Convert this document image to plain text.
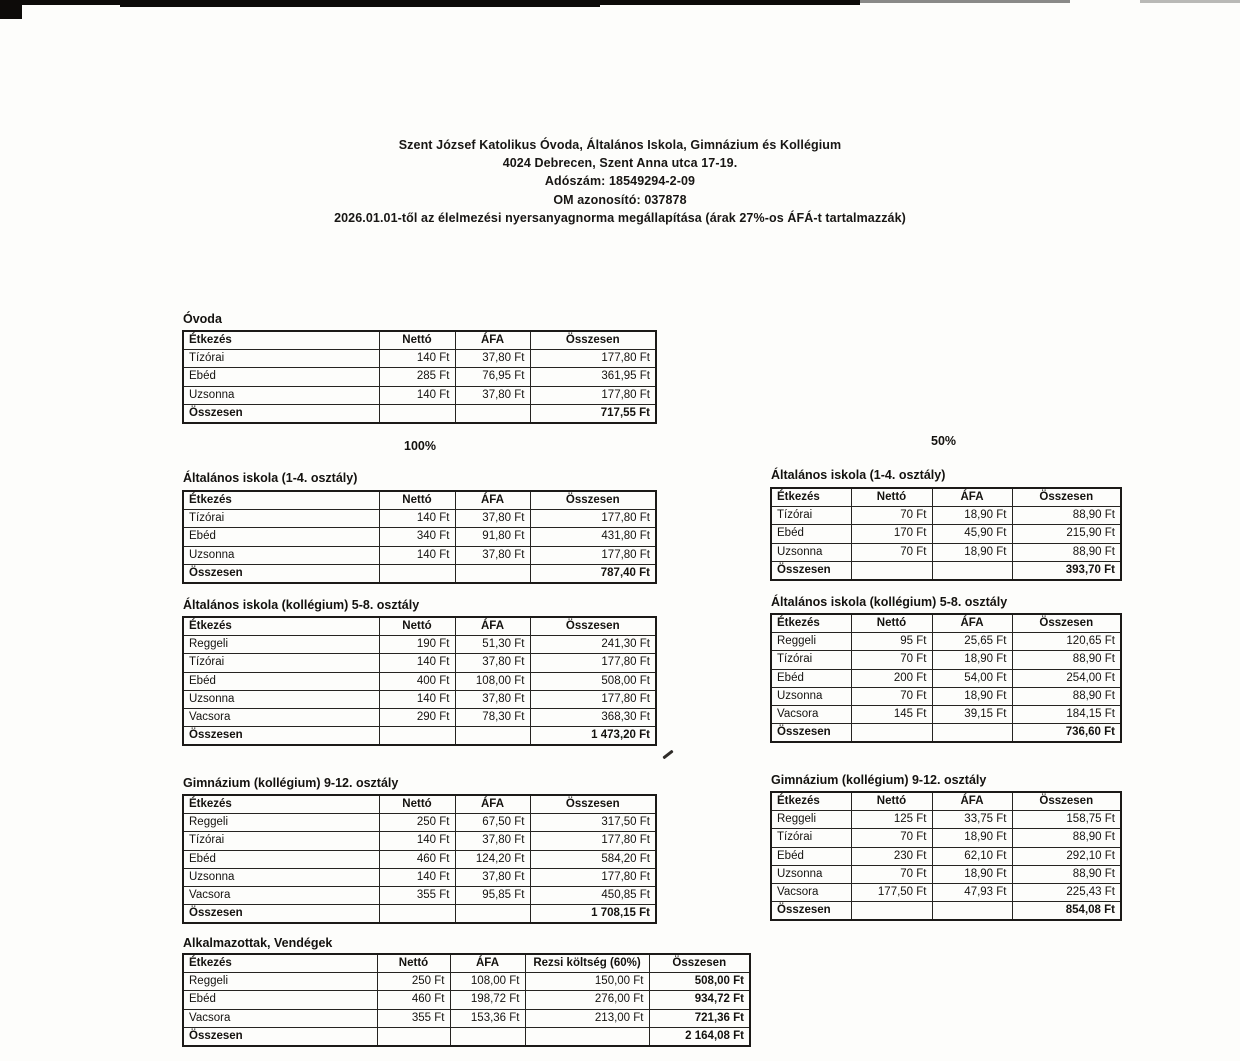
Szent József Katolikus Óvoda, Általános Iskola, Gimnázium és Kollégium
4024 Debrecen, Szent Anna utca 17-19.
Adószám: 18549294-2-09
OM azonosító: 037878
2026.01.01-től az élelmezési nyersanyagnorma megállapítása (árak 27%-os ÁFÁ-t tartalmazzák)
Óvoda
Étkezés	Nettó	ÁFA	Összesen
Tízórai	140 Ft	37,80 Ft	177,80 Ft
Ebéd	285 Ft	76,95 Ft	361,95 Ft
Uzsonna	140 Ft	37,80 Ft	177,80 Ft
Összesen			717,55 Ft
100%	50%
Általános iskola (1-4. osztály)
Étkezés	Nettó	ÁFA	Összesen
Tízórai	140 Ft	37,80 Ft	177,80 Ft
Ebéd	340 Ft	91,80 Ft	431,80 Ft
Uzsonna	140 Ft	37,80 Ft	177,80 Ft
Összesen			787,40 Ft
Általános iskola (1-4. osztály)
Étkezés	Nettó	ÁFA	Összesen
Tízórai	70 Ft	18,90 Ft	88,90 Ft
Ebéd	170 Ft	45,90 Ft	215,90 Ft
Uzsonna	70 Ft	18,90 Ft	88,90 Ft
Összesen			393,70 Ft
Általános iskola (kollégium) 5-8. osztály
Étkezés	Nettó	ÁFA	Összesen
Reggeli	190 Ft	51,30 Ft	241,30 Ft
Tízórai	140 Ft	37,80 Ft	177,80 Ft
Ebéd	400 Ft	108,00 Ft	508,00 Ft
Uzsonna	140 Ft	37,80 Ft	177,80 Ft
Vacsora	290 Ft	78,30 Ft	368,30 Ft
Összesen			1 473,20 Ft
Általános iskola (kollégium) 5-8. osztály
Étkezés	Nettó	ÁFA	Összesen
Reggeli	95 Ft	25,65 Ft	120,65 Ft
Tízórai	70 Ft	18,90 Ft	88,90 Ft
Ebéd	200 Ft	54,00 Ft	254,00 Ft
Uzsonna	70 Ft	18,90 Ft	88,90 Ft
Vacsora	145 Ft	39,15 Ft	184,15 Ft
Összesen			736,60 Ft
Gimnázium (kollégium) 9-12. osztály
Étkezés	Nettó	ÁFA	Összesen
Reggeli	250 Ft	67,50 Ft	317,50 Ft
Tízórai	140 Ft	37,80 Ft	177,80 Ft
Ebéd	460 Ft	124,20 Ft	584,20 Ft
Uzsonna	140 Ft	37,80 Ft	177,80 Ft
Vacsora	355 Ft	95,85 Ft	450,85 Ft
Összesen			1 708,15 Ft
Gimnázium (kollégium) 9-12. osztály
Étkezés	Nettó	ÁFA	Összesen
Reggeli	125 Ft	33,75 Ft	158,75 Ft
Tízórai	70 Ft	18,90 Ft	88,90 Ft
Ebéd	230 Ft	62,10 Ft	292,10 Ft
Uzsonna	70 Ft	18,90 Ft	88,90 Ft
Vacsora	177,50 Ft	47,93 Ft	225,43 Ft
Összesen			854,08 Ft
Alkalmazottak, Vendégek
Étkezés	Nettó	ÁFA	Rezsi költség (60%)	Összesen
Reggeli	250 Ft	108,00 Ft	150,00 Ft	508,00 Ft
Ebéd	460 Ft	198,72 Ft	276,00 Ft	934,72 Ft
Vacsora	355 Ft	153,36 Ft	213,00 Ft	721,36 Ft
Összesen				2 164,08 Ft
